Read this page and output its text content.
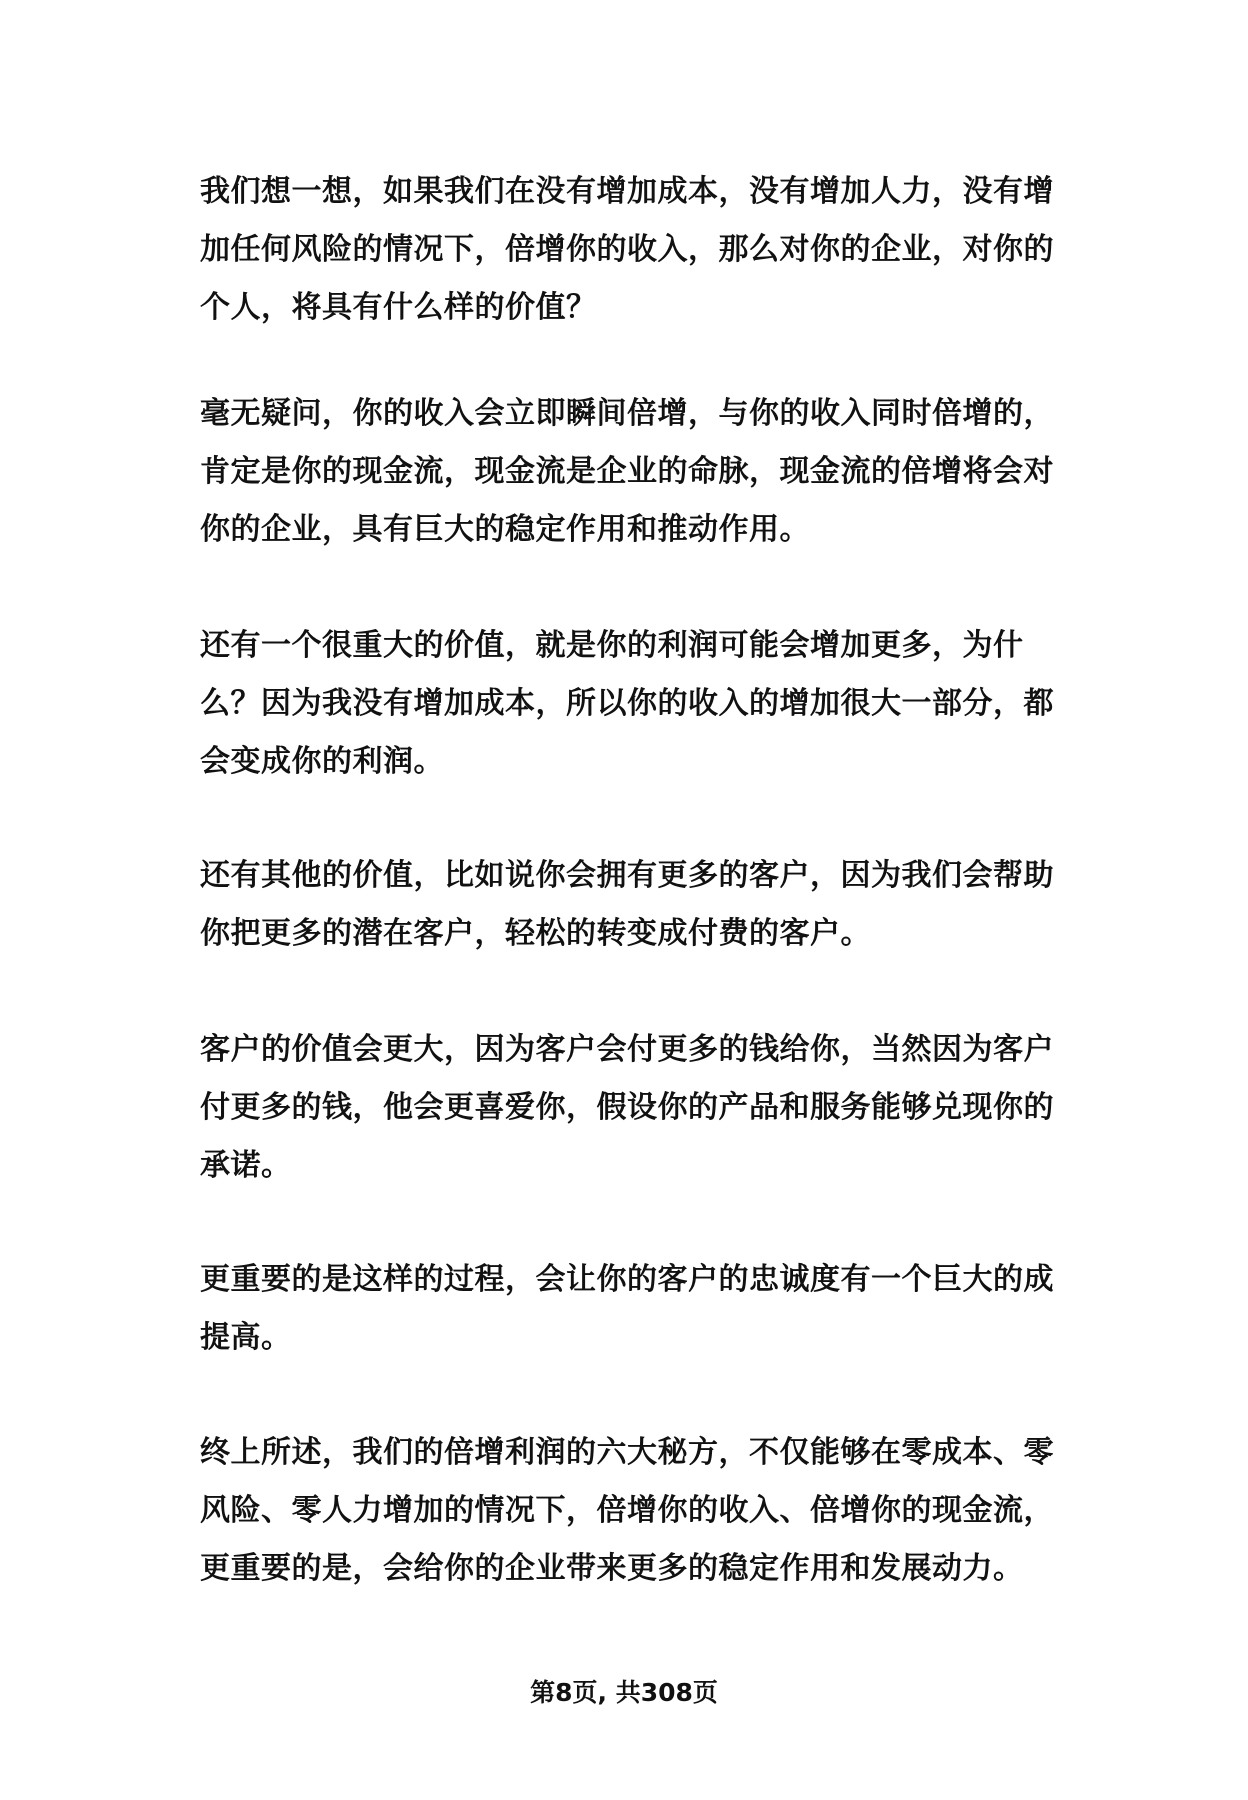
我们想一想，如果我们在没有增加成本，没有增加人力，没有增
加任何风险的情况下，倍增你的收入，那么对你的企业，对你的
个人，将具有什么样的价值？
毫无疑问，你的收入会立即瞬间倍增，与你的收入同时倍增的，
肯定是你的现金流，现金流是企业的命脉，现金流的倍增将会对
你的企业，具有巨大的稳定作用和推动作用。
还有一个很重大的价值，就是你的利润可能会增加更多，为什
么？因为我没有增加成本，所以你的收入的增加很大一部分，都
会变成你的利润。
还有其他的价值，比如说你会拥有更多的客户，因为我们会帮助
你把更多的潜在客户，轻松的转变成付费的客户。
客户的价值会更大，因为客户会付更多的钱给你，当然因为客户
付更多的钱，他会更喜爱你，假设你的产品和服务能够兑现你的
承诺。
更重要的是这样的过程，会让你的客户的忠诚度有一个巨大的成
提高。
终上所述，我们的倍增利润的六大秘方，不仅能够在零成本、零
风险、零人力增加的情况下，倍增你的收入、倍增你的现金流，
更重要的是，会给你的企业带来更多的稳定作用和发展动力。
第8页, 共308页
